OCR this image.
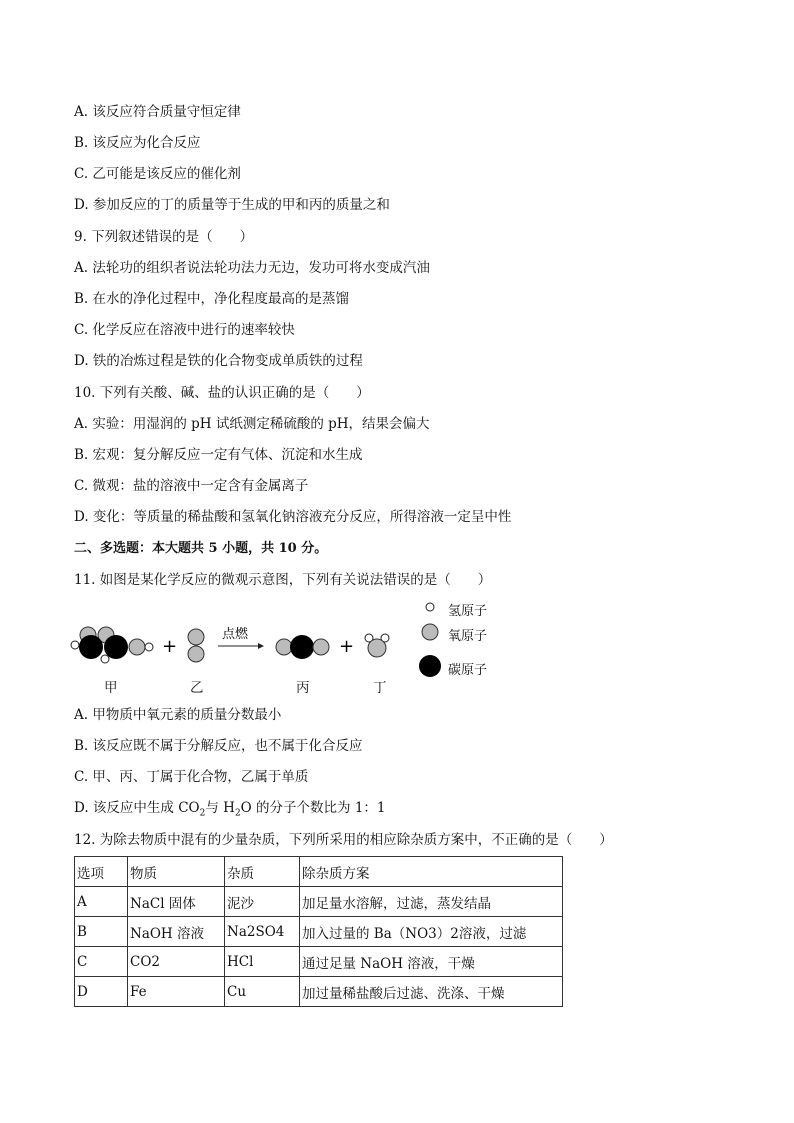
A. 该反应符合质量守恒定律
B. 该反应为化合反应
C. 乙可能是该反应的催化剂
D. 参加反应的丁的质量等于生成的甲和丙的质量之和
9. 下列叙述错误的是（　　）
A. 法轮功的组织者说法轮功法力无边，发功可将水变成汽油
B. 在水的净化过程中，净化程度最高的是蒸馏
C. 化学反应在溶液中进行的速率较快
D. 铁的冶炼过程是铁的化合物变成单质铁的过程
10. 下列有关酸、碱、盐的认识正确的是（　　）
A. 实验：用湿润的 pH 试纸测定稀硫酸的 pH，结果会偏大
B. 宏观：复分解反应一定有气体、沉淀和水生成
C. 微观：盐的溶液中一定含有金属离子
D. 变化：等质量的稀盐酸和氢氧化钠溶液充分反应，所得溶液一定呈中性
二、多选题：本大题共 5 小题，共 10 分。
11. 如图是某化学反应的微观示意图，下列有关说法错误的是（　　）
+
点燃
+
甲	乙	丙	丁
氢原子
氧原子
碳原子
A. 甲物质中氧元素的质量分数最小
B. 该反应既不属于分解反应，也不属于化合反应
C. 甲、丙、丁属于化合物，乙属于单质
D. 该反应中生成 $CO_2$与 $H_2O$ 的分子个数比为 1：1
12. 为除去物质中混有的少量杂质，下列所采用的相应除杂质方案中，不正确的是（　　）
选项	物质	杂质	除杂质方案
A	NaCl 固体	泥沙	加足量水溶解，过滤，蒸发结晶
B	NaOH 溶液	Na2SO4	加入过量的 Ba（NO3）2溶液，过滤
C	CO2	HCl	通过足量 NaOH 溶液，干燥
D	Fe	Cu	加过量稀盐酸后过滤、洗涤、干燥
